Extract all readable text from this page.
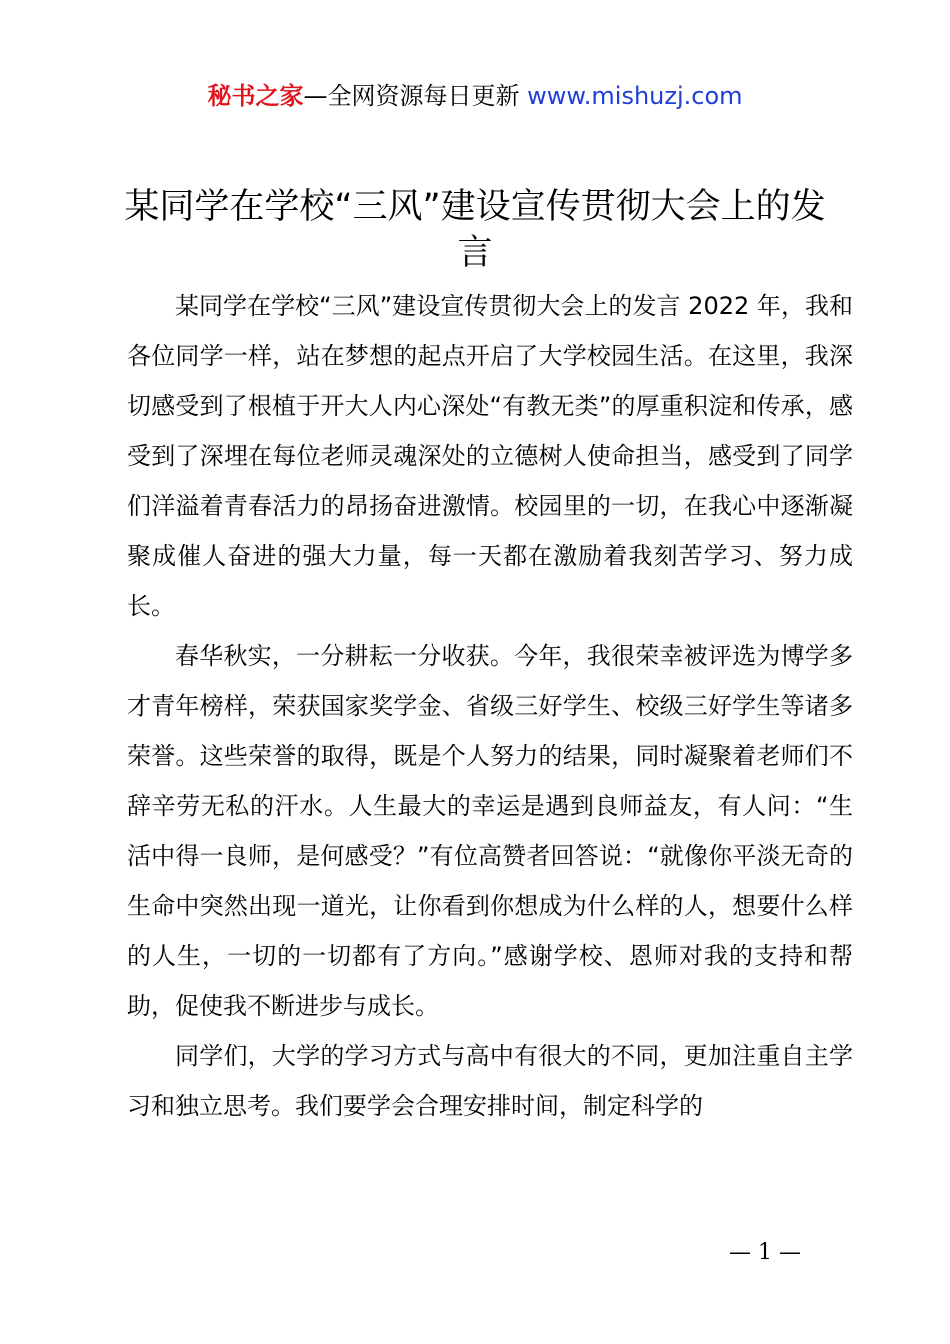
秘书之家—全网资源每日更新 www.mishuzj.com
某同学在学校“三风”建设宣传贯彻大会上的发言

某同学在学校“三风”建设宣传贯彻大会上的发言 2022 年，我和各位同学一样，站在梦想的起点开启了大学校园生活。在这里，我深切感受到了根植于开大人内心深处“有教无类”的厚重积淀和传承，感受到了深埋在每位老师灵魂深处的立德树人使命担当，感受到了同学们洋溢着青春活力的昂扬奋进激情。校园里的一切，在我心中逐渐凝聚成催人奋进的强大力量，每一天都在激励着我刻苦学习、努力成长。

春华秋实，一分耕耘一分收获。今年，我很荣幸被评选为博学多才青年榜样，荣获国家奖学金、省级三好学生、校级三好学生等诸多荣誉。这些荣誉的取得，既是个人努力的结果，同时凝聚着老师们不辞辛劳无私的汗水。人生最大的幸运是遇到良师益友，有人问：“生活中得一良师，是何感受？”有位高赞者回答说：“就像你平淡无奇的生命中突然出现一道光，让你看到你想成为什么样的人，想要什么样的人生，一切的一切都有了方向。”感谢学校、恩师对我的支持和帮助，促使我不断进步与成长。

同学们，大学的学习方式与高中有很大的不同，更加注重自主学习和独立思考。我们要学会合理安排时间，制定科学的

— 1 —
